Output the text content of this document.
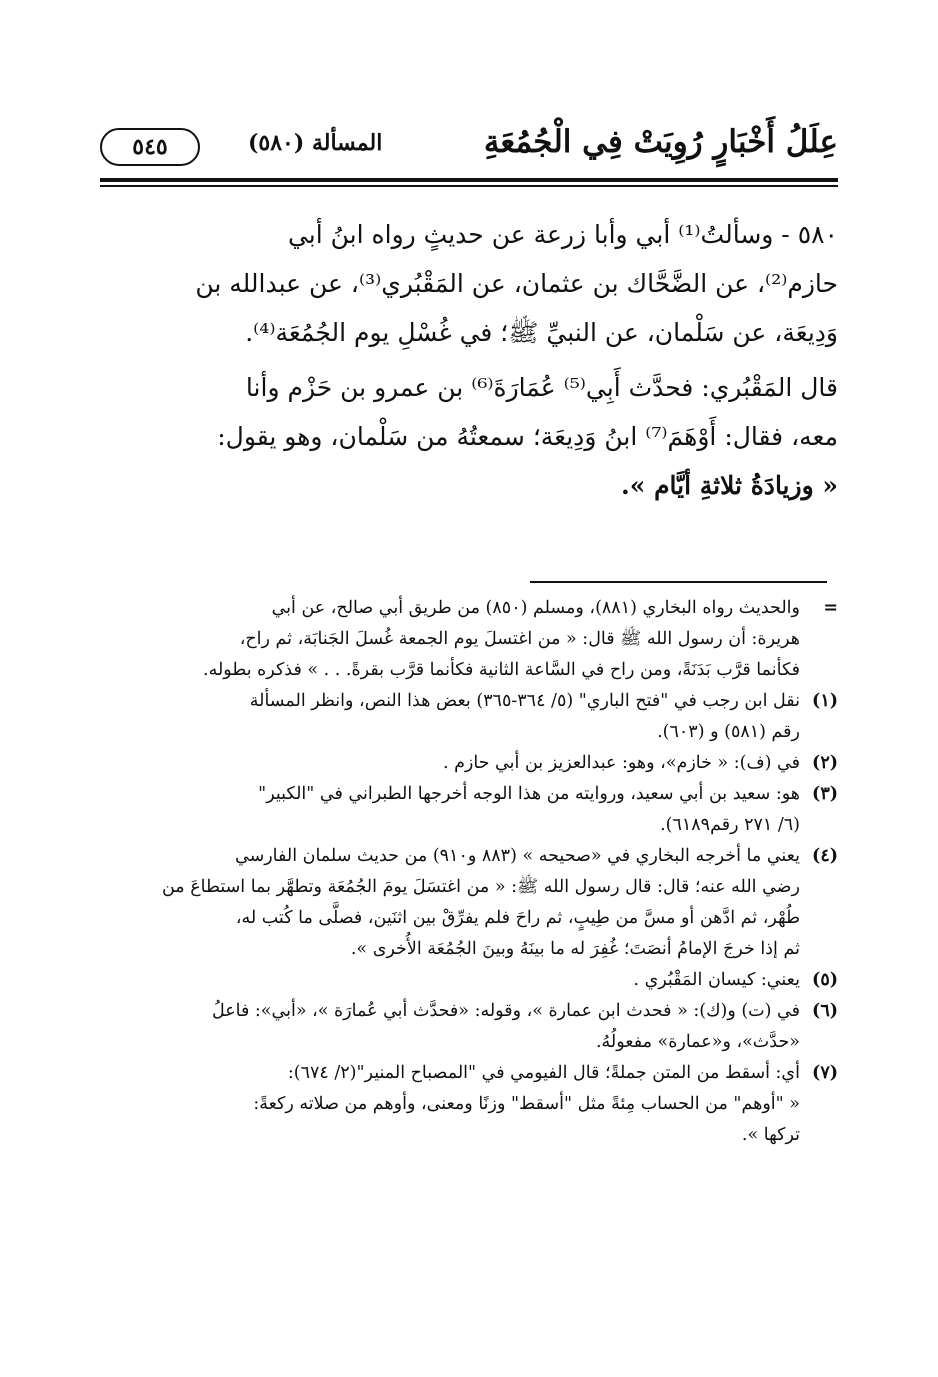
عِلَلُ أَخْبَارٍ رُوِيَتْ فِي الْجُمُعَةِ
المسألة (٥٨٠)
٥٤٥

٥٨٠ - وسألتُ⁽¹⁾ أبي وأبا زرعة عن حديثٍ رواه ابنُ أبي

حازم⁽²⁾، عن الضَّحَّاك بن عثمان، عن المَقْبُري⁽³⁾، عن عبدالله بن

وَدِيعَة، عن سَلْمان، عن النبيِّ ﷺ؛ في غُسْلِ يوم الجُمُعَة⁽⁴⁾.

قال المَقْبُري: فحدَّث أَبِي⁽⁵⁾ عُمَارَةَ⁽⁶⁾ بن عمرو بن حَزْم وأنا

معه، فقال: أَوْهَمَ⁽⁷⁾ ابنُ وَدِيعَة؛ سمعتُهُ من سَلْمان، وهو يقول:

« وزيادَةُ ثلاثةِ أيَّام ».

=

والحديث رواه البخاري (٨٨١)، ومسلم (٨٥٠) من طريق أبي صالح، عن أبي

هريرة: أن رسول الله ﷺ قال: « من اغتسلَ يوم الجمعة غُسلَ الجَنابَة، ثم راح،

فكأنما قرَّب بَدَنَةً، ومن راح في السَّاعة الثانية فكأنما قرَّب بقرةً. . . » فذكره بطوله.

(١)

نقل ابن رجب في "فتح الباري" (٥/ ٣٦٤-٣٦٥) بعض هذا النص، وانظر المسألة

رقم (٥٨١) و (٦٠٣).

(٢)

في (ف): « خازم»، وهو: عبدالعزيز بن أبي حازم .

(٣)

هو: سعيد بن أبي سعيد، وروايته من هذا الوجه أخرجها الطبراني في "الكبير"

(٦/ ٢٧١ رقم٦١٨٩).

(٤)

يعني ما أخرجه البخاري في «صحيحه » (٨٨٣ و٩١٠) من حديث سلمان الفارسي

رضي الله عنه؛ قال: قال رسول الله ﷺ: « من اغتسَلَ يومَ الجُمُعَة وتطهَّر بما استطاعَ من

طُهْر، ثم ادَّهن أو مسَّ من طِيبٍ، ثم راحَ فلم يفرِّقْ بين اثنَين، فصلَّى ما كُتب له،

ثم إذا خرجَ الإمامُ أنصَتَ؛ غُفِرَ له ما بينَهُ وبينَ الجُمُعَة الأُخرى ».

(٥)

يعني: كيسان المَقْبُري .

(٦)

في (ت) و(ك): « فحدث ابن عمارة »، وقوله: «فحدَّث أبي عُمارَة »، «أبي»: فاعلُ

«حدَّث»، و«عمارة» مفعولُهُ.

(٧)

أي: أسقط من المتن جملةً؛ قال الفيومي في "المصباح المنير"(٢/ ٦٧٤):

« "أوهم" من الحساب مِئةً مثل "أسقط" وزنًا ومعنى، وأوهم من صلاته ركعةً:

تركها ».
